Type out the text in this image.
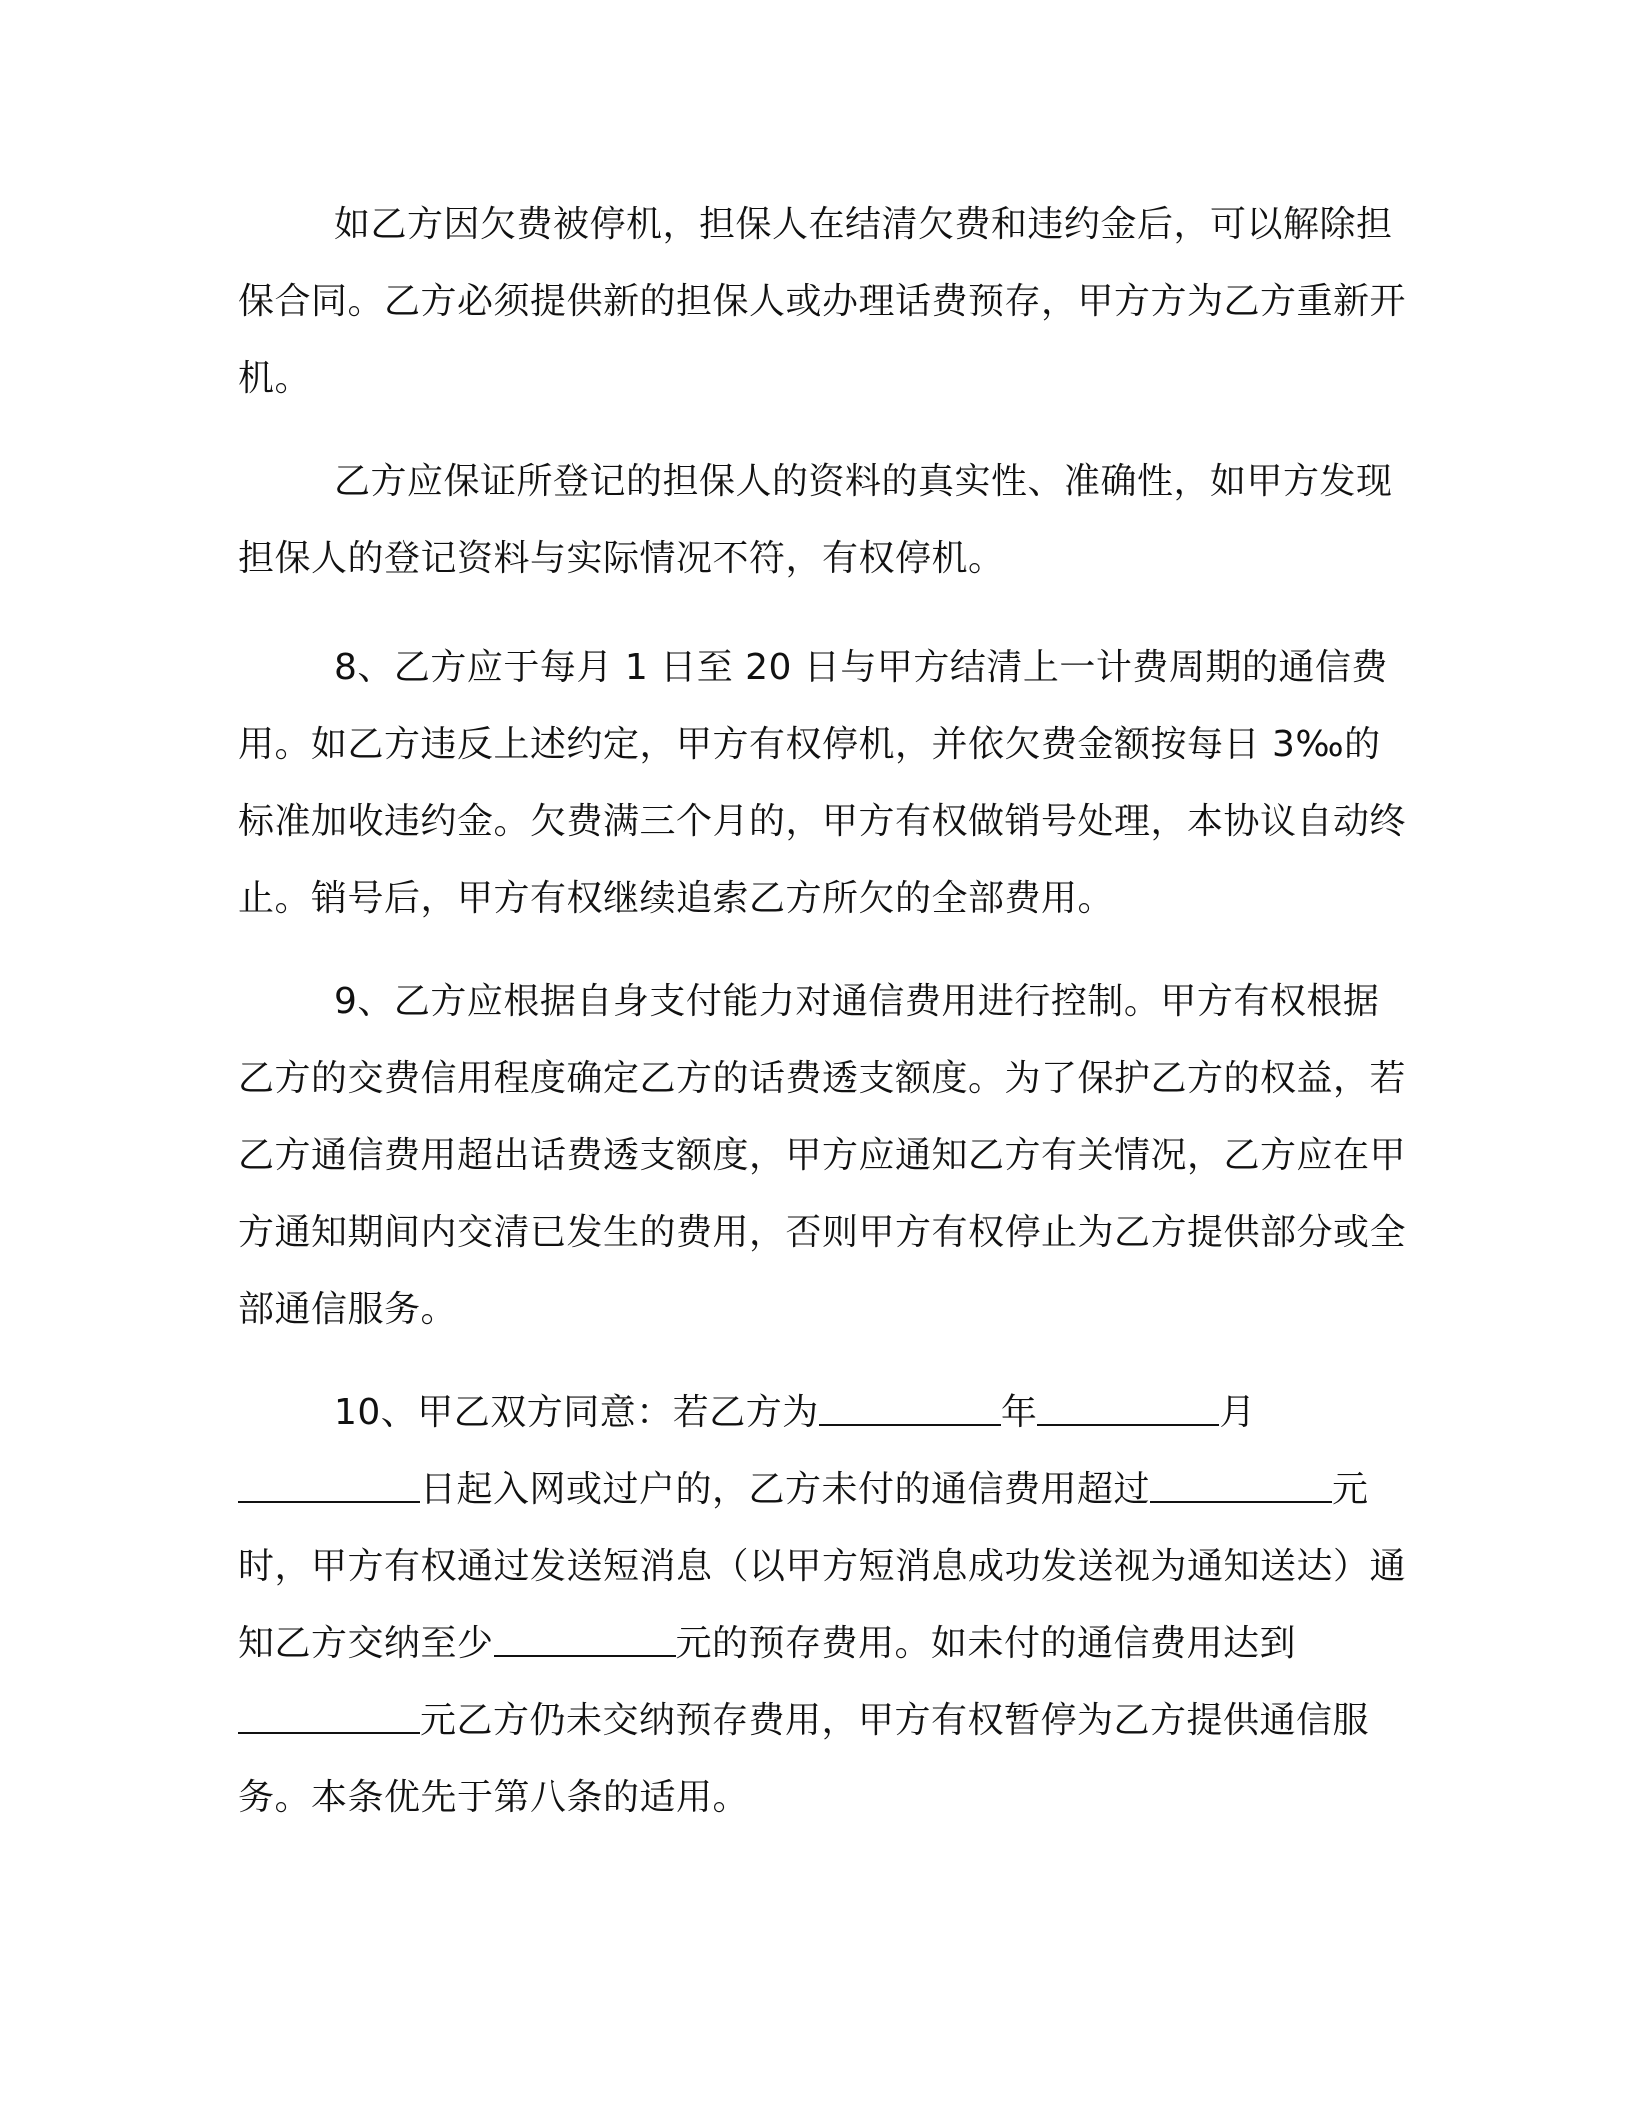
如乙方因欠费被停机，担保人在结清欠费和违约金后，可以解除担保合同。乙方必须提供新的担保人或办理话费预存，甲方方为乙方重新开机。

乙方应保证所登记的担保人的资料的真实性、准确性，如甲方发现担保人的登记资料与实际情况不符，有权停机。

8、乙方应于每月 1 日至 20 日与甲方结清上一计费周期的通信费用。如乙方违反上述约定，甲方有权停机，并依欠费金额按每日 3‰的标准加收违约金。欠费满三个月的，甲方有权做销号处理，本协议自动终止。销号后，甲方有权继续追索乙方所欠的全部费用。

9、乙方应根据自身支付能力对通信费用进行控制。甲方有权根据乙方的交费信用程度确定乙方的话费透支额度。为了保护乙方的权益，若乙方通信费用超出话费透支额度，甲方应通知乙方有关情况，乙方应在甲方通知期间内交清已发生的费用，否则甲方有权停止为乙方提供部分或全部通信服务。

10、甲乙双方同意：若乙方为	年	月日起入网或过户的，乙方未付的通信费用超过	元时，甲方有权通过发送短消息（以甲方短消息成功发送视为通知送达）通知乙方交纳至少	元的预存费用。如未付的通信费用达到元乙方仍未交纳预存费用，甲方有权暂停为乙方提供通信服务。本条优先于第八条的适用。
